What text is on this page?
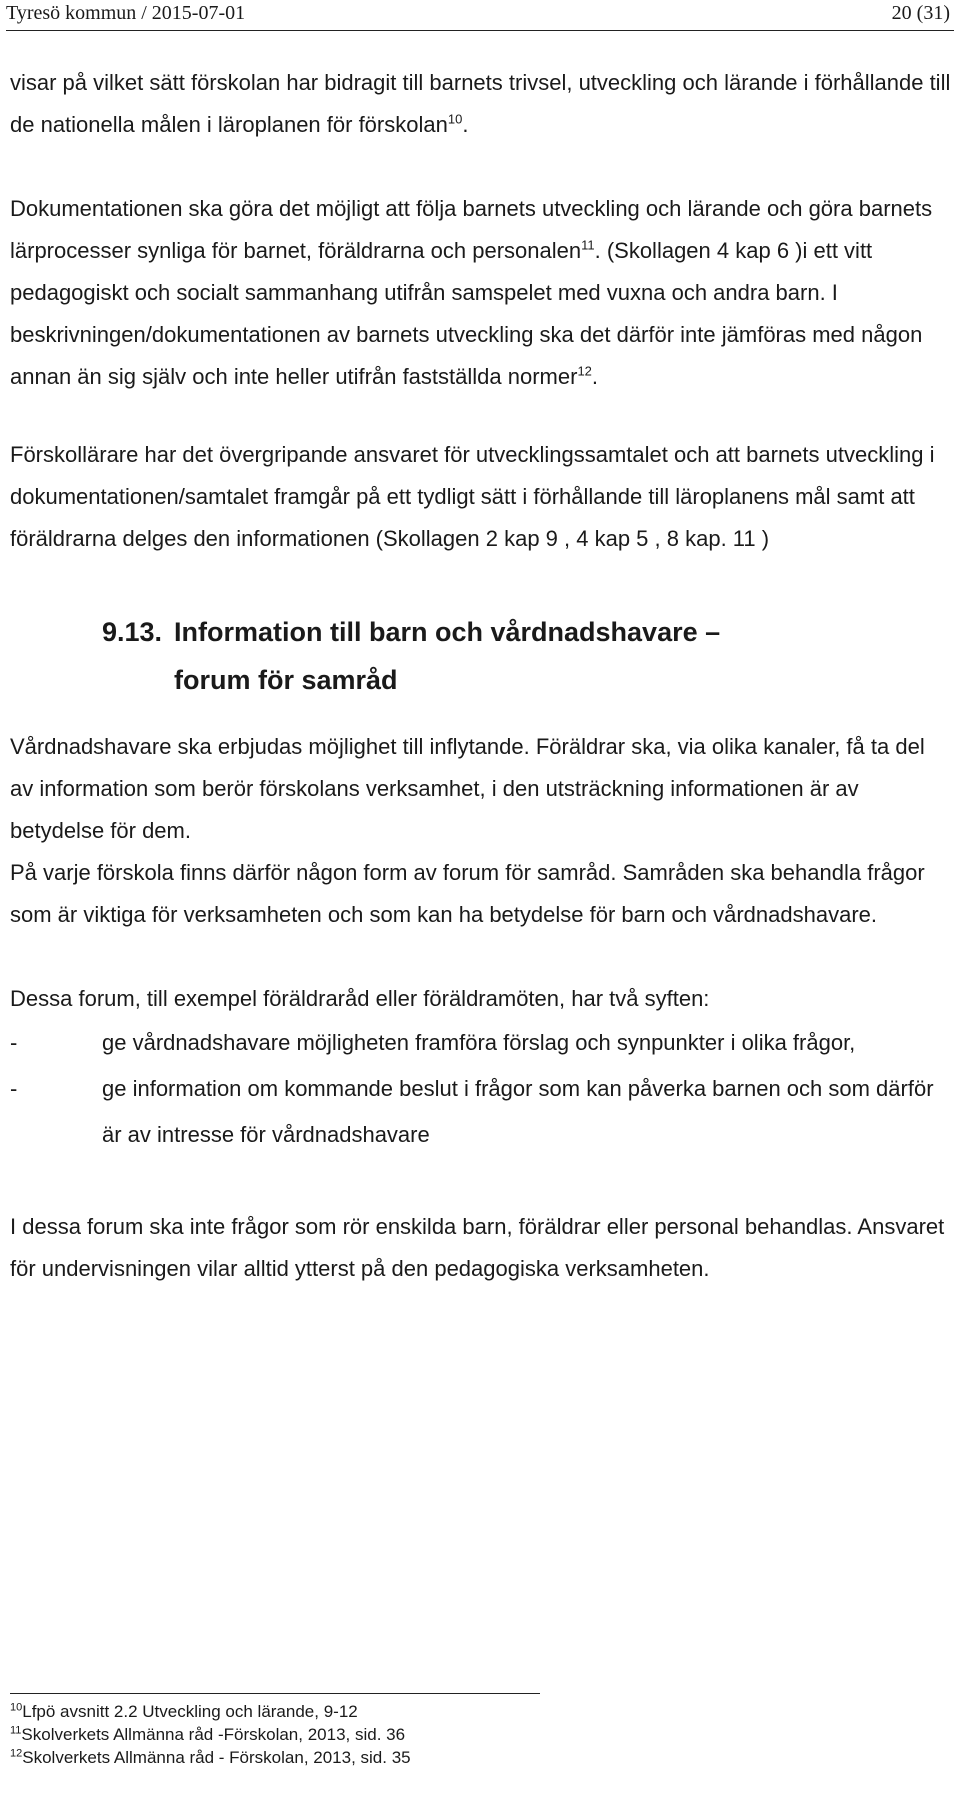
Tyresö kommun / 2015-07-01	20 (31)

visar på vilket sätt förskolan har bidragit till barnets trivsel, utveckling och lärande i förhållande till de nationella målen i läroplanen för förskolan$^{10}$.

Dokumentationen ska göra det möjligt att följa barnets utveckling och lärande och göra barnets lärprocesser synliga för barnet, föräldrarna och personalen$^{11}$. (Skollagen 4 kap 6 )i ett vitt pedagogiskt och socialt sammanhang utifrån samspelet med vuxna och andra barn. I beskrivningen/dokumentationen av barnets utveckling ska det därför inte jämföras med någon annan än sig själv och inte heller utifrån fastställda normer$^{12}$.

Förskollärare har det övergripande ansvaret för utvecklingssamtalet och att barnets utveckling i dokumentationen/samtalet framgår på ett tydligt sätt i förhållande till läroplanens mål samt att föräldrarna delges den informationen (Skollagen 2 kap 9 , 4 kap 5 , 8 kap. 11 )

9.13. Information till barn och vårdnadshavare –
forum för samråd

Vårdnadshavare ska erbjudas möjlighet till inflytande. Föräldrar ska, via olika kanaler, få ta del av information som berör förskolans verksamhet, i den utsträckning informationen är av betydelse för dem.

På varje förskola finns därför någon form av forum för samråd. Samråden ska behandla frågor som är viktiga för verksamheten och som kan ha betydelse för barn och vårdnadshavare.

Dessa forum, till exempel föräldraråd eller föräldramöten, har två syften:

-	ge vårdnadshavare möjligheten framföra förslag och synpunkter i olika frågor,
-	ge information om kommande beslut i frågor som kan påverka barnen och som därför är av intresse för vårdnadshavare

I dessa forum ska inte frågor som rör enskilda barn, föräldrar eller personal behandlas. Ansvaret för undervisningen vilar alltid ytterst på den pedagogiska verksamheten.

$^{10}$Lfpö avsnitt 2.2 Utveckling och lärande, 9-12
$^{11}$Skolverkets Allmänna råd -Förskolan, 2013, sid. 36
$^{12}$Skolverkets Allmänna råd - Förskolan, 2013, sid. 35
